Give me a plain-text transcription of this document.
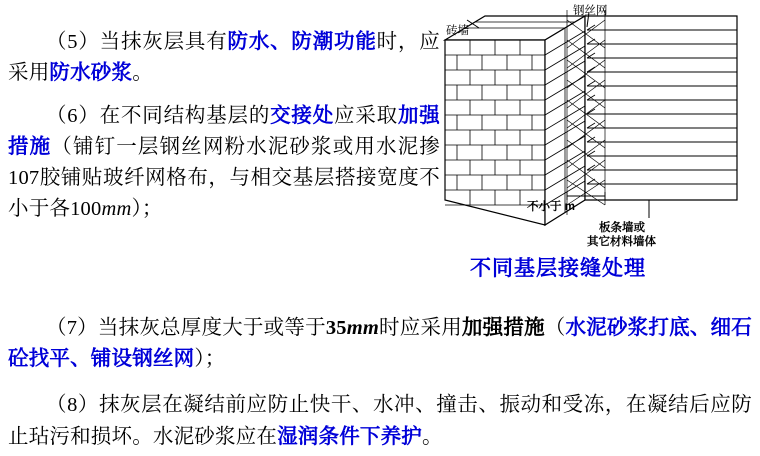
（5）当抹灰层具有防水、防潮功能时，应采用防水砂浆。

（6）在不同结构基层的交接处应采取加强措施（铺钉一层钢丝网粉水泥砂浆或用水泥掺107胶铺贴玻纤网格布，与相交基层搭接宽度不小于各100mm）；

（7）当抹灰总厚度大于或等于35mm时应采用加强措施（水泥砂浆打底、细石砼找平、铺设钢丝网）；

（8）抹灰层在凝结前应防止快干、水冲、撞击、振动和受冻，在凝结后应防止玷污和损坏。水泥砂浆应在湿润条件下养护。

钢丝网
砖墙
不小于 m
板条墙或
其它材料墙体
不同基层接缝处理
